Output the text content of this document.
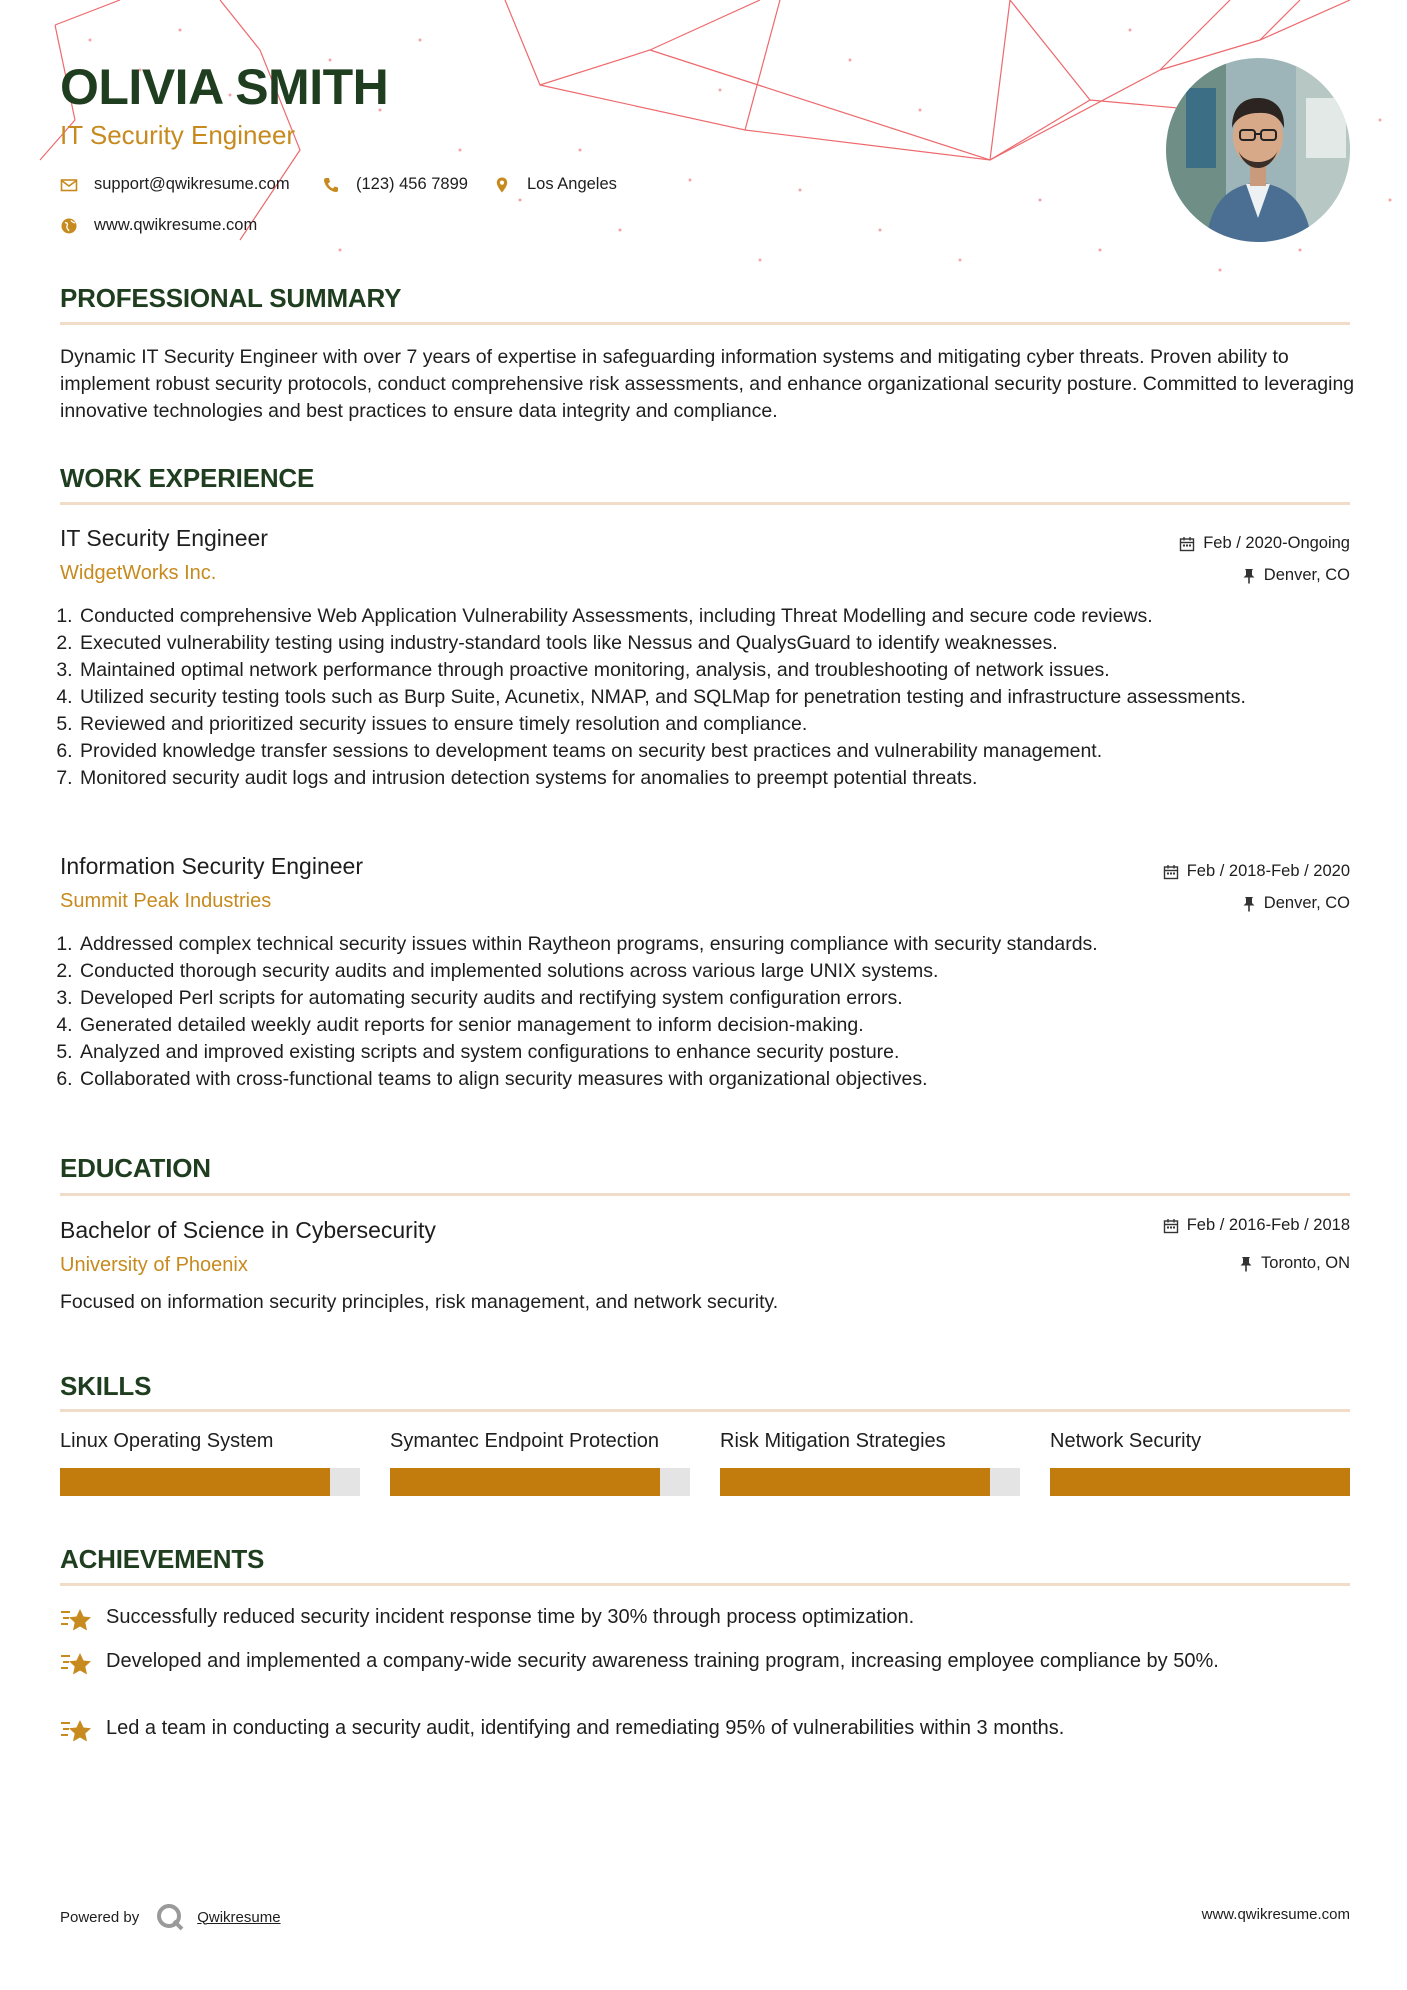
OLIVIA SMITH
IT Security Engineer
support@qwikresume.com	(123) 456 7899	Los Angeles
www.qwikresume.com
PROFESSIONAL SUMMARY
Dynamic IT Security Engineer with over 7 years of expertise in safeguarding information systems and mitigating cyber threats. Proven ability to implement robust security protocols, conduct comprehensive risk assessments, and enhance organizational security posture. Committed to leveraging innovative technologies and best practices to ensure data integrity and compliance.
WORK EXPERIENCE
IT Security Engineer
WidgetWorks Inc.
Feb / 2020-Ongoing
Denver, CO
1. Conducted comprehensive Web Application Vulnerability Assessments, including Threat Modelling and secure code reviews.
2. Executed vulnerability testing using industry-standard tools like Nessus and QualysGuard to identify weaknesses.
3. Maintained optimal network performance through proactive monitoring, analysis, and troubleshooting of network issues.
4. Utilized security testing tools such as Burp Suite, Acunetix, NMAP, and SQLMap for penetration testing and infrastructure assessments.
5. Reviewed and prioritized security issues to ensure timely resolution and compliance.
6. Provided knowledge transfer sessions to development teams on security best practices and vulnerability management.
7. Monitored security audit logs and intrusion detection systems for anomalies to preempt potential threats.
Information Security Engineer
Summit Peak Industries
Feb / 2018-Feb / 2020
Denver, CO
1. Addressed complex technical security issues within Raytheon programs, ensuring compliance with security standards.
2. Conducted thorough security audits and implemented solutions across various large UNIX systems.
3. Developed Perl scripts for automating security audits and rectifying system configuration errors.
4. Generated detailed weekly audit reports for senior management to inform decision-making.
5. Analyzed and improved existing scripts and system configurations to enhance security posture.
6. Collaborated with cross-functional teams to align security measures with organizational objectives.
EDUCATION
Bachelor of Science in Cybersecurity
University of Phoenix
Feb / 2016-Feb / 2018
Toronto, ON
Focused on information security principles, risk management, and network security.
SKILLS
Linux Operating System	Symantec Endpoint Protection	Risk Mitigation Strategies	Network Security
ACHIEVEMENTS
Successfully reduced security incident response time by 30% through process optimization.
Developed and implemented a company-wide security awareness training program, increasing employee compliance by 50%.
Led a team in conducting a security audit, identifying and remediating 95% of vulnerabilities within 3 months.
Powered by	Qwikresume	www.qwikresume.com
